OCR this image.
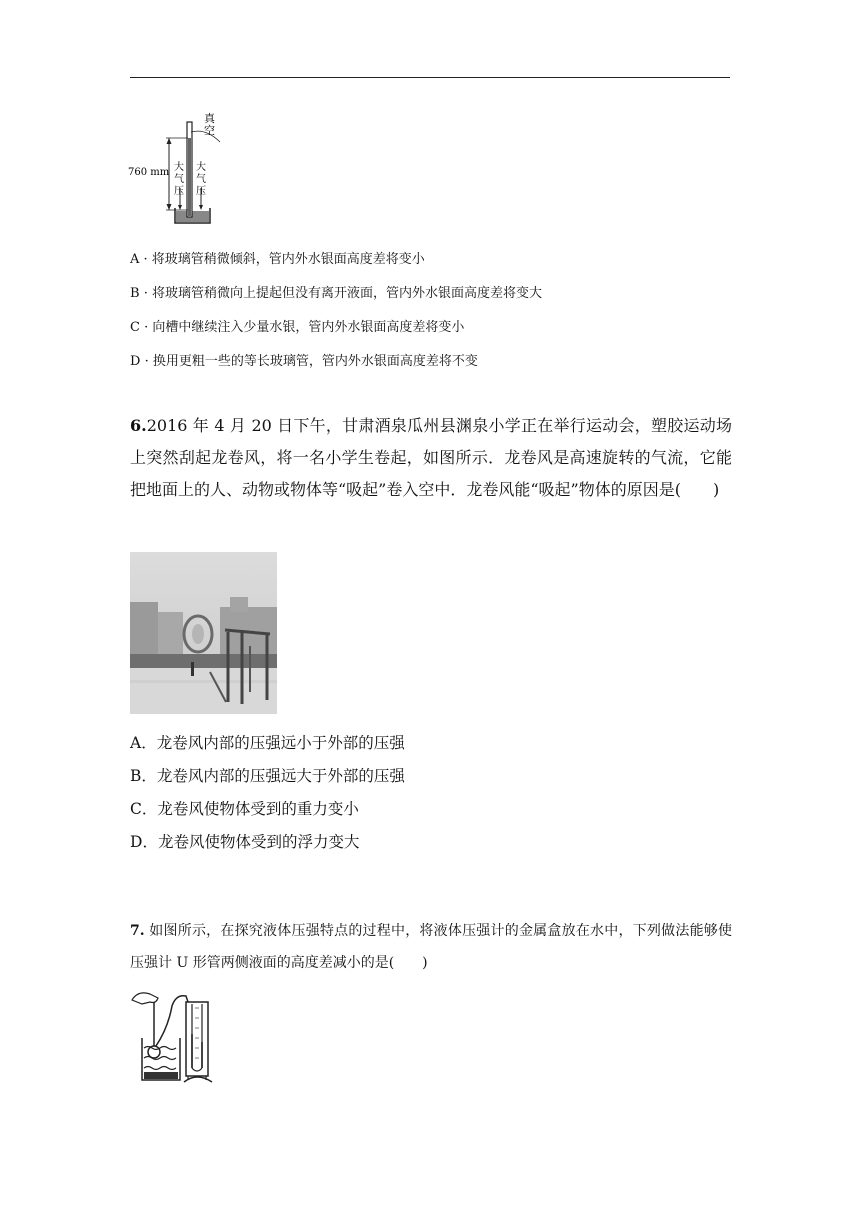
真
空
760 mm 大
气
压
大
气
压
A · 将玻璃管稍微倾斜，管内外水银面高度差将变小
B · 将玻璃管稍微向上提起但没有离开液面，管内外水银面高度差将变大
C · 向槽中继续注入少量水银，管内外水银面高度差将变小
D · 换用更粗一些的等长玻璃管，管内外水银面高度差将不变
6.2016 年 4 月 20 日下午，甘肃酒泉瓜州县渊泉小学正在举行运动会，塑胶运动场上突然刮起龙卷风，将一名小学生卷起，如图所示．龙卷风是高速旋转的气流，它能把地面上的人、动物或物体等“吸起”卷入空中．龙卷风能“吸起”物体的原因是(　　)
A．龙卷风内部的压强远小于外部的压强
B．龙卷风内部的压强远大于外部的压强
C．龙卷风使物体受到的重力变小
D．龙卷风使物体受到的浮力变大
7. 如图所示，在探究液体压强特点的过程中，将液体压强计的金属盒放在水中，下列做法能够使压强计 U 形管两侧液面的高度差减小的是(　　)
